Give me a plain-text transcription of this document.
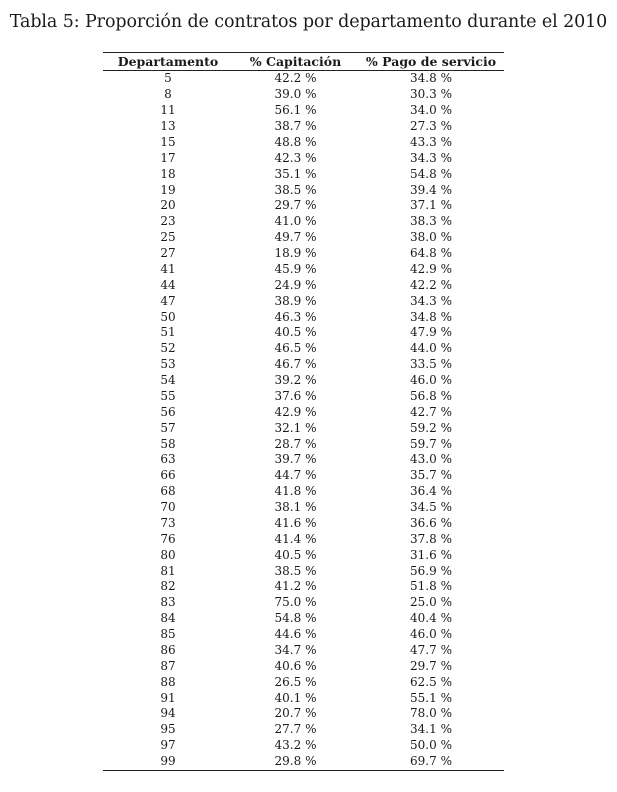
Tabla 5: Proporción de contratos por departamento durante el 2010
Departamento	% Capitación	% Pago de servicio
5	42.2 %	34.8 %
8	39.0 %	30.3 %
11	56.1 %	34.0 %
13	38.7 %	27.3 %
15	48.8 %	43.3 %
17	42.3 %	34.3 %
18	35.1 %	54.8 %
19	38.5 %	39.4 %
20	29.7 %	37.1 %
23	41.0 %	38.3 %
25	49.7 %	38.0 %
27	18.9 %	64.8 %
41	45.9 %	42.9 %
44	24.9 %	42.2 %
47	38.9 %	34.3 %
50	46.3 %	34.8 %
51	40.5 %	47.9 %
52	46.5 %	44.0 %
53	46.7 %	33.5 %
54	39.2 %	46.0 %
55	37.6 %	56.8 %
56	42.9 %	42.7 %
57	32.1 %	59.2 %
58	28.7 %	59.7 %
63	39.7 %	43.0 %
66	44.7 %	35.7 %
68	41.8 %	36.4 %
70	38.1 %	34.5 %
73	41.6 %	36.6 %
76	41.4 %	37.8 %
80	40.5 %	31.6 %
81	38.5 %	56.9 %
82	41.2 %	51.8 %
83	75.0 %	25.0 %
84	54.8 %	40.4 %
85	44.6 %	46.0 %
86	34.7 %	47.7 %
87	40.6 %	29.7 %
88	26.5 %	62.5 %
91	40.1 %	55.1 %
94	20.7 %	78.0 %
95	27.7 %	34.1 %
97	43.2 %	50.0 %
99	29.8 %	69.7 %
